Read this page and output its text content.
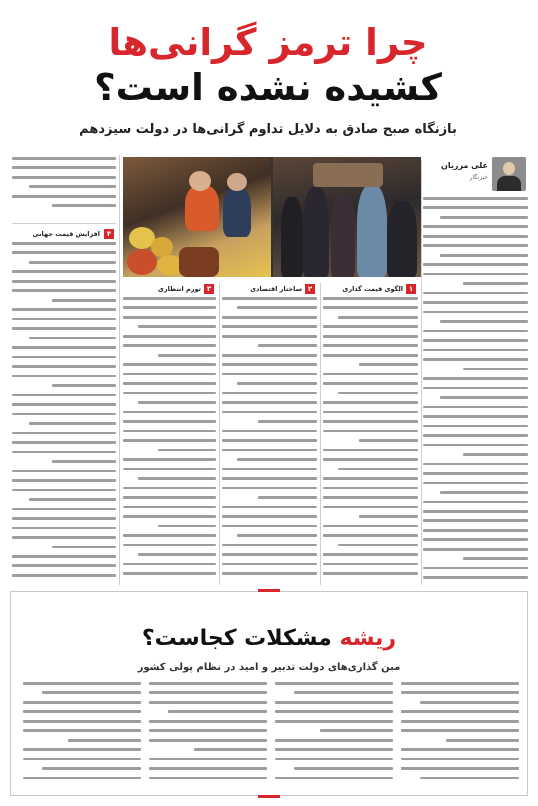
چرا ترمز گرانی‌ها
کشیده نشده است؟
بازنگاه صبح صادق به دلایل تداوم گرانی‌ها در دولت سیزدهم
علی مرزبان
خبرنگار
۱
الگوی قیمت گذاری
۲
ساختار اقتصادی
۳
تورم انتظاری
۴
افزایش قیمت جهانی
ریشه مشکلات کجاست؟
مبن گذاری‌های دولت تدبیر و امید در نظام پولی کشور
